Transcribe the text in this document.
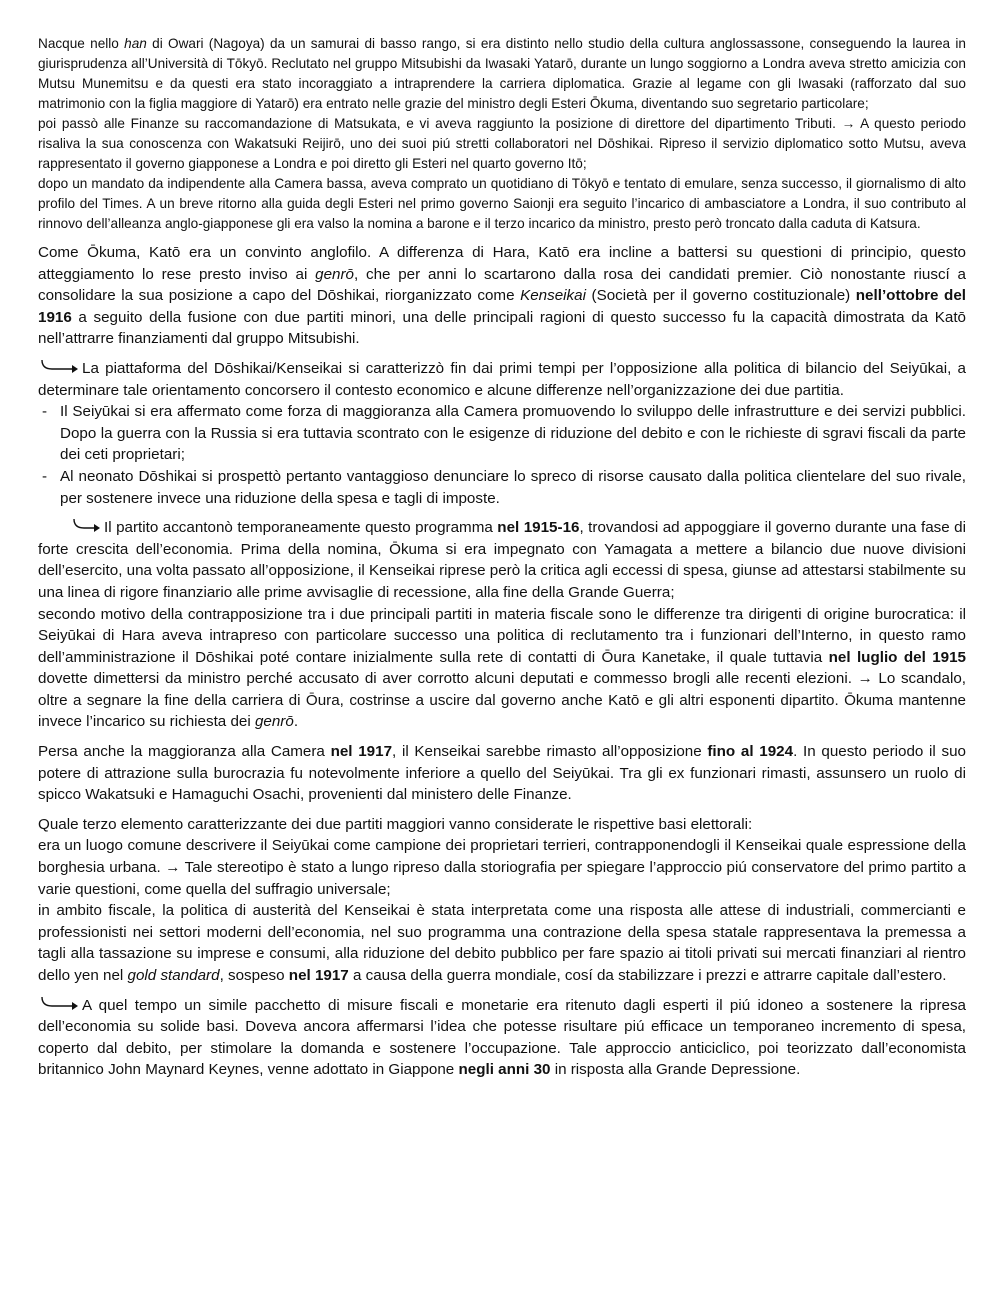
Nacque nello han di Owari (Nagoya) da un samurai di basso rango, si era distinto nello studio della cultura anglossassone, conseguendo la laurea in giurisprudenza all’Università di Tōkyō. Reclutato nel gruppo Mitsubishi da Iwasaki Yatarō, durante un lungo soggiorno a Londra aveva stretto amicizia con Mutsu Munemitsu e da questi era stato incoraggiato a intraprendere la carriera diplomatica. Grazie al legame con gli Iwasaki (rafforzato dal suo matrimonio con la figlia maggiore di Yatarō) era entrato nelle grazie del ministro degli Esteri Ōkuma, diventando suo segretario particolare;

poi passò alle Finanze su raccomandazione di Matsukata, e vi aveva raggiunto la posizione di direttore del dipartimento Tributi. → A questo periodo risaliva la sua conoscenza con Wakatsuki Reijirō, uno dei suoi piú stretti collaboratori nel Dōshikai. Ripreso il servizio diplomatico sotto Mutsu, aveva rappresentato il governo giapponese a Londra e poi diretto gli Esteri nel quarto governo Itō;

dopo un mandato da indipendente alla Camera bassa, aveva comprato un quotidiano di Tōkyō e tentato di emulare, senza successo, il giornalismo di alto profilo del Times. A un breve ritorno alla guida degli Esteri nel primo governo Saionji era seguito l’incarico di ambasciatore a Londra, il suo contributo al rinnovo dell’alleanza anglo-giapponese gli era valso la nomina a barone e il terzo incarico da ministro, presto però troncato dalla caduta di Katsura.

Come Ōkuma, Katō era un convinto anglofilo. A differenza di Hara, Katō era incline a battersi su questioni di principio, questo atteggiamento lo rese presto inviso ai genrō, che per anni lo scartarono dalla rosa dei candidati premier. Ciò nonostante riuscí a consolidare la sua posizione a capo del Dōshikai, riorganizzato come Kenseikai (Società per il governo costituzionale) nell’ottobre del 1916 a seguito della fusione con due partiti minori, una delle principali ragioni di questo successo fu la capacità dimostrata da Katō nell’attrarre finanziamenti dal gruppo Mitsubishi.

La piattaforma del Dōshikai/Kenseikai si caratterizzò fin dai primi tempi per l’opposizione alla politica di bilancio del Seiyūkai, a determinare tale orientamento concorsero il contesto economico e alcune differenze nell’organizzazione dei due partitia.

- Il Seiyūkai si era affermato come forza di maggioranza alla Camera promuovendo lo sviluppo delle infrastrutture e dei servizi pubblici. Dopo la guerra con la Russia si era tuttavia scontrato con le esigenze di riduzione del debito e con le richieste di sgravi fiscali da parte dei ceti proprietari;
- Al neonato Dōshikai si prospettò pertanto vantaggioso denunciare lo spreco di risorse causato dalla politica clientelare del suo rivale, per sostenere invece una riduzione della spesa e tagli di imposte.

Il partito accantonò temporaneamente questo programma nel 1915-16, trovandosi ad appoggiare il governo durante una fase di forte crescita dell’economia. Prima della nomina, Ōkuma si era impegnato con Yamagata a mettere a bilancio due nuove divisioni dell’esercito, una volta passato all’opposizione, il Kenseikai riprese però la critica agli eccessi di spesa, giunse ad attestarsi stabilmente su una linea di rigore finanziario alle prime avvisaglie di recessione, alla fine della Grande Guerra;

secondo motivo della contrapposizione tra i due principali partiti in materia fiscale sono le differenze tra dirigenti di origine burocratica: il Seiyūkai di Hara aveva intrapreso con particolare successo una politica di reclutamento tra i funzionari dell’Interno, in questo ramo dell’amministrazione il Dōshikai poté contare inizialmente sulla rete di contatti di Ōura Kanetake, il quale tuttavia nel luglio del 1915 dovette dimettersi da ministro perché accusato di aver corrotto alcuni deputati e commesso brogli alle recenti elezioni. → Lo scandalo, oltre a segnare la fine della carriera di Ōura, costrinse a uscire dal governo anche Katō e gli altri esponenti dipartito. Ōkuma mantenne invece l’incarico su richiesta dei genrō.

Persa anche la maggioranza alla Camera nel 1917, il Kenseikai sarebbe rimasto all’opposizione fino al 1924. In questo periodo il suo potere di attrazione sulla burocrazia fu notevolmente inferiore a quello del Seiyūkai. Tra gli ex funzionari rimasti, assunsero un ruolo di spicco Wakatsuki e Hamaguchi Osachi, provenienti dal ministero delle Finanze.

Quale terzo elemento caratterizzante dei due partiti maggiori vanno considerate le rispettive basi elettorali:

era un luogo comune descrivere il Seiyūkai come campione dei proprietari terrieri, contrapponendogli il Kenseikai quale espressione della borghesia urbana. → Tale stereotipo è stato a lungo ripreso dalla storiografia per spiegare l’approccio piú conservatore del primo partito a varie questioni, come quella del suffragio universale;

in ambito fiscale, la politica di austerità del Kenseikai è stata interpretata come una risposta alle attese di industriali, commercianti e professionisti nei settori moderni dell’economia, nel suo programma una contrazione della spesa statale rappresentava la premessa a tagli alla tassazione su imprese e consumi, alla riduzione del debito pubblico per fare spazio ai titoli privati sui mercati finanziari al rientro dello yen nel gold standard, sospeso nel 1917 a causa della guerra mondiale, cosí da stabilizzare i prezzi e attrarre capitale dall’estero.

A quel tempo un simile pacchetto di misure fiscali e monetarie era ritenuto dagli esperti il piú idoneo a sostenere la ripresa dell’economia su solide basi. Doveva ancora affermarsi l’idea che potesse risultare piú efficace un temporaneo incremento di spesa, coperto dal debito, per stimolare la domanda e sostenere l’occupazione. Tale approccio anticiclico, poi teorizzato dall’economista britannico John Maynard Keynes, venne adottato in Giappone negli anni 30 in risposta alla Grande Depressione.
